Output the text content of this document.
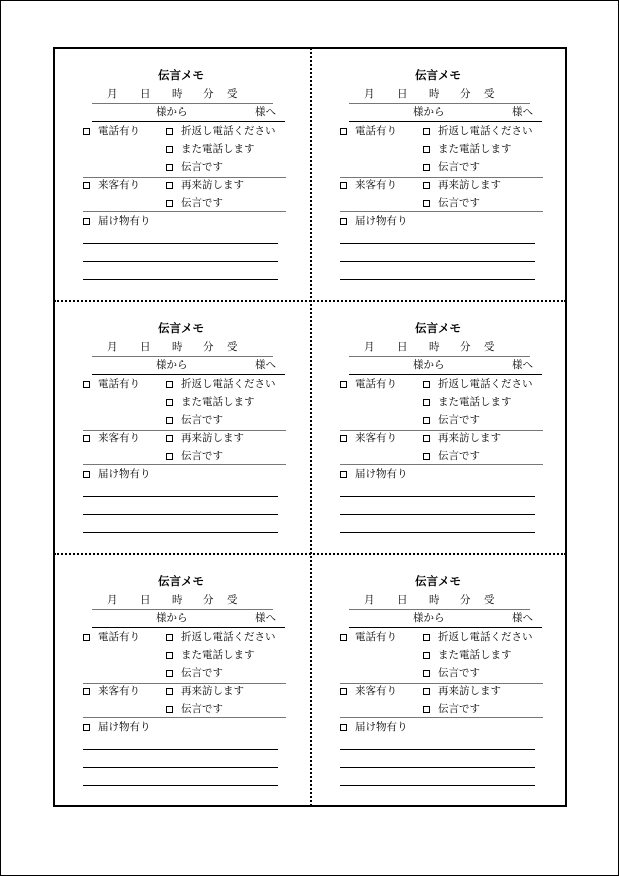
伝言メモ
月 日 時 分 受
様から	様へ
電話有り	折返し電話ください
また電話します
伝言です
来客有り	再来訪します
伝言です
届け物有り
伝言メモ
月 日 時 分 受
様から	様へ
電話有り	折返し電話ください
また電話します
伝言です
来客有り	再来訪します
伝言です
届け物有り
伝言メモ
月 日 時 分 受
様から	様へ
電話有り	折返し電話ください
また電話します
伝言です
来客有り	再来訪します
伝言です
届け物有り
伝言メモ
月 日 時 分 受
様から	様へ
電話有り	折返し電話ください
また電話します
伝言です
来客有り	再来訪します
伝言です
届け物有り
伝言メモ
月 日 時 分 受
様から	様へ
電話有り	折返し電話ください
また電話します
伝言です
来客有り	再来訪します
伝言です
届け物有り
伝言メモ
月 日 時 分 受
様から	様へ
電話有り	折返し電話ください
また電話します
伝言です
来客有り	再来訪します
伝言です
届け物有り
